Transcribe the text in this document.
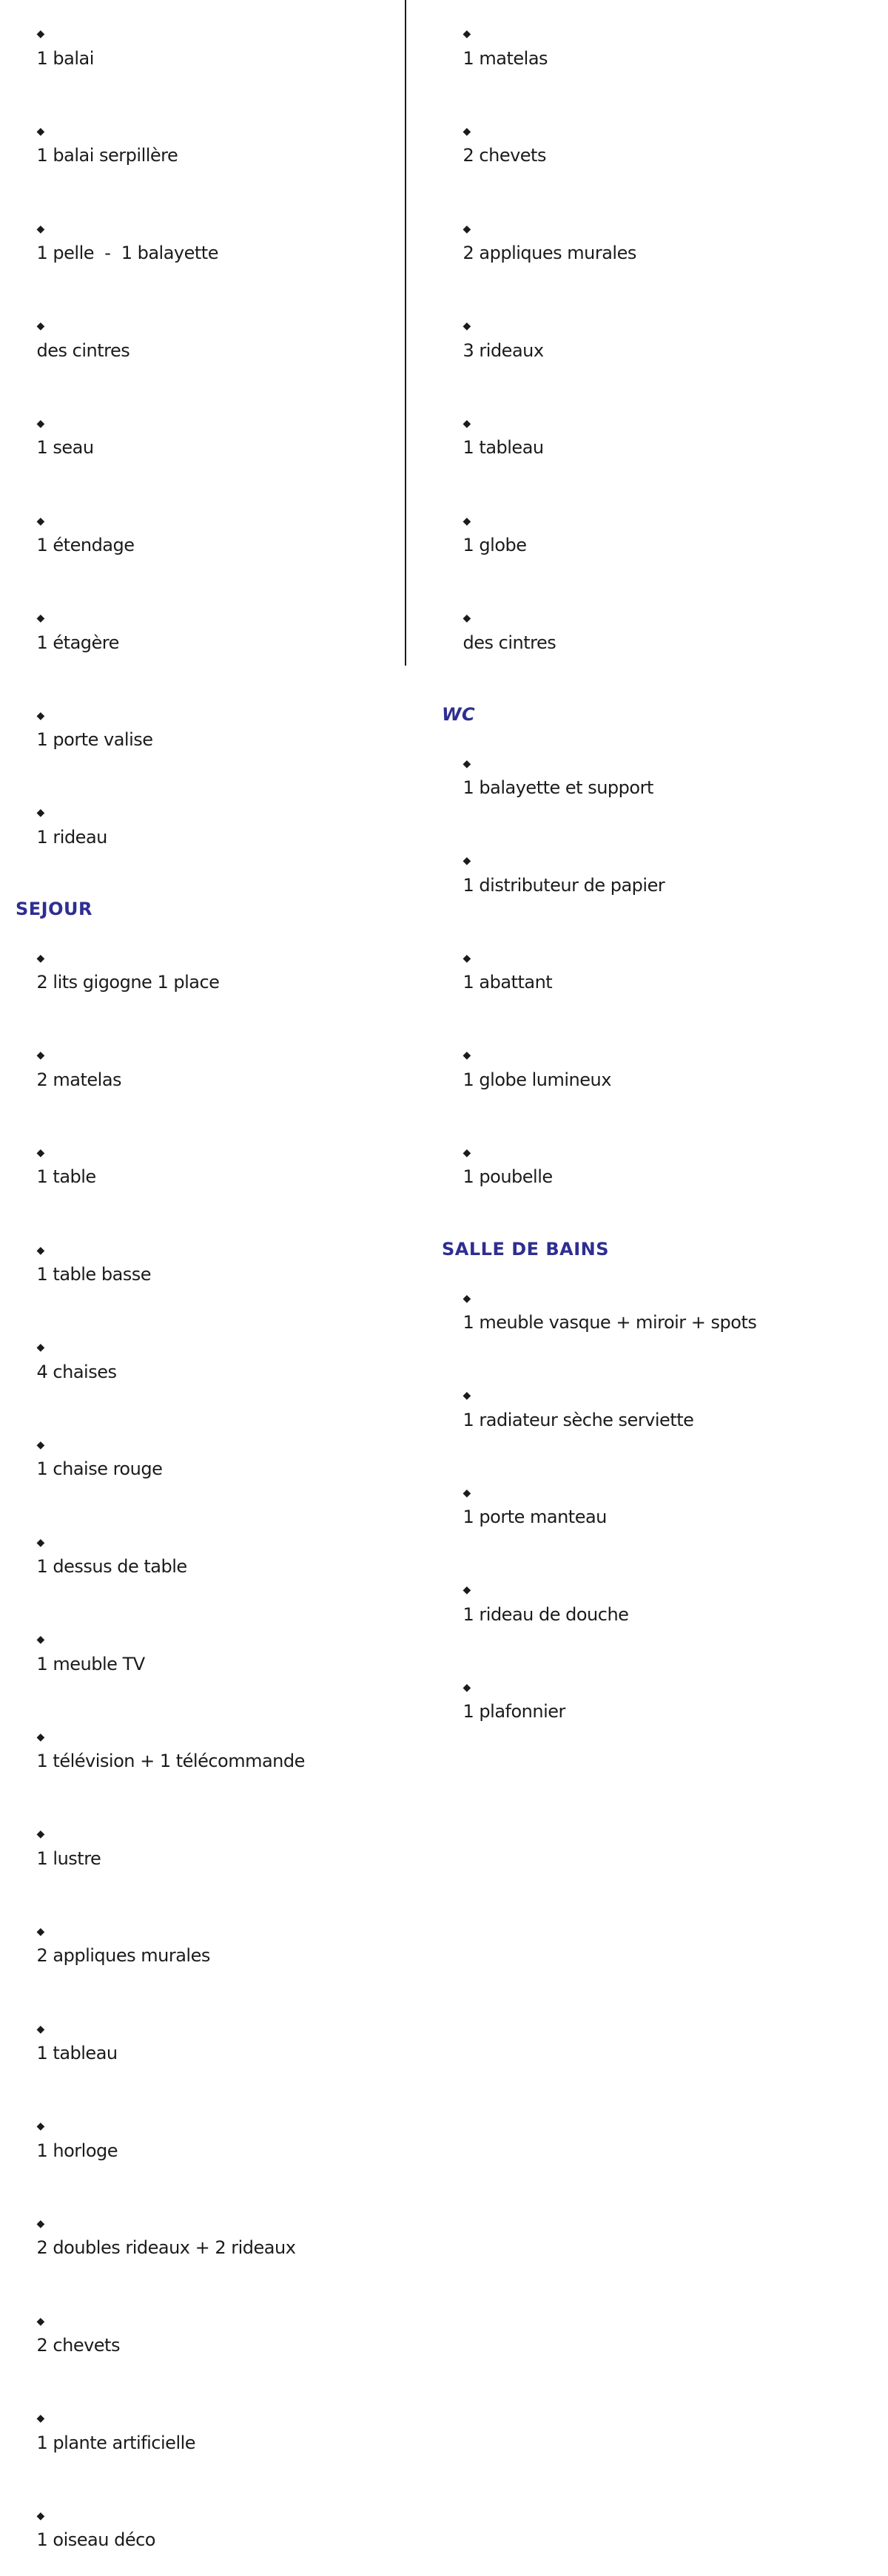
◆
1 balai

◆
1 balai serpillère

◆
1 pelle  -  1 balayette

◆
des cintres

◆
1 seau

◆
1 étendage

◆
1 étagère

◆
1 porte valise

◆
1 rideau

SEJOUR

◆
2 lits gigogne 1 place

◆
2 matelas

◆
1 table

◆
1 table basse

◆
4 chaises

◆
1 chaise rouge

◆
1 dessus de table

◆
1 meuble TV

◆
1 télévision + 1 télécommande

◆
1 lustre

◆
2 appliques murales

◆
1 tableau

◆
1 horloge

◆
2 doubles rideaux + 2 rideaux

◆
2 chevets

◆
1 plante artificielle

◆
1 oiseau déco

◆
1 matelas

◆
2 chevets

◆
2 appliques murales

◆
3 rideaux

◆
1 tableau

◆
1 globe

◆
des cintres

WC

◆
1 balayette et support

◆
1 distributeur de papier

◆
1 abattant

◆
1 globe lumineux

◆
1 poubelle

SALLE DE BAINS

◆
1 meuble vasque + miroir + spots

◆
1 radiateur sèche serviette

◆
1 porte manteau

◆
1 rideau de douche

◆
1 plafonnier
